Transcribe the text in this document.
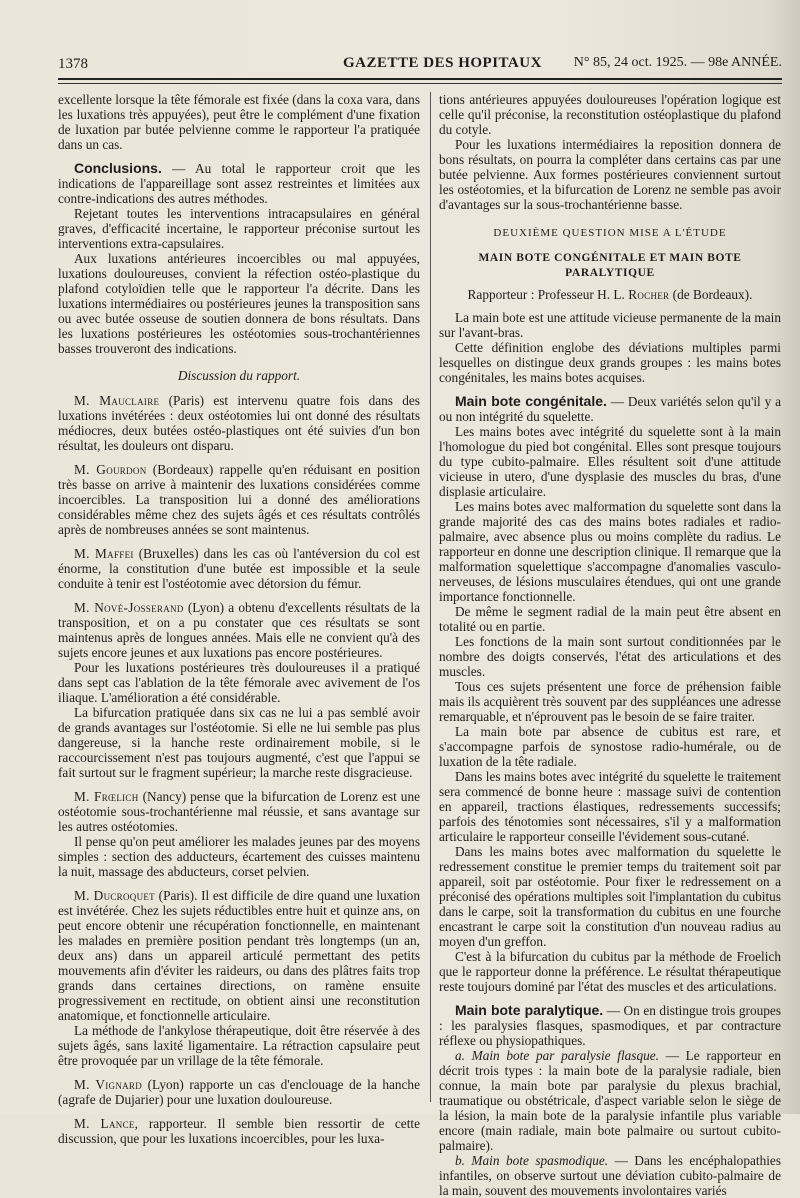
1378	GAZETTE DES HOPITAUX N° 85, 24 oct. 1925. — 98e ANNÉE.

excellente lorsque la tête fémorale est fixée (dans la coxa vara, dans les luxations très appuyées), peut être le complément d'une fixation de luxation par butée pelvienne comme le rapporteur l'a pratiquée dans un cas.

Conclusions. — Au total le rapporteur croit que les indications de l'appareillage sont assez restreintes et limitées aux contre-indications des autres méthodes.

Rejetant toutes les interventions intracapsulaires en général graves, d'efficacité incertaine, le rapporteur préconise surtout les interventions extra-capsulaires.

Aux luxations antérieures incoercibles ou mal appuyées, luxations douloureuses, convient la réfection ostéo-plastique du plafond cotyloïdien telle que le rapporteur l'a décrite. Dans les luxations intermédiaires ou postérieures jeunes la transposition sans ou avec butée osseuse de soutien donnera de bons résultats. Dans les luxations postérieures les ostéotomies sous-trochantériennes basses trouveront des indications.

Discussion du rapport.

M. Mauclaire (Paris) est intervenu quatre fois dans des luxations invétérées : deux ostéotomies lui ont donné des résultats médiocres, deux butées ostéo-plastiques ont été suivies d'un bon résultat, les douleurs ont disparu.

M. Gourdon (Bordeaux) rappelle qu'en réduisant en position très basse on arrive à maintenir des luxations considérées comme incoercibles. La transposition lui a donné des améliorations considérables même chez des sujets âgés et ces résultats contrôlés après de nombreuses années se sont maintenus.

M. Maffei (Bruxelles) dans les cas où l'antéversion du col est énorme, la constitution d'une butée est impossible et la seule conduite à tenir est l'ostéotomie avec détorsion du fémur.

M. Nové-Josserand (Lyon) a obtenu d'excellents résultats de la transposition, et on a pu constater que ces résultats se sont maintenus après de longues années. Mais elle ne convient qu'à des sujets encore jeunes et aux luxations pas encore postérieures.

Pour les luxations postérieures très douloureuses il a pratiqué dans sept cas l'ablation de la tête fémorale avec avivement de l'os iliaque. L'amélioration a été considérable.

La bifurcation pratiquée dans six cas ne lui a pas semblé avoir de grands avantages sur l'ostéotomie. Si elle ne lui semble pas plus dangereuse, si la hanche reste ordinairement mobile, si le raccourcissement n'est pas toujours augmenté, c'est que l'appui se fait surtout sur le fragment supérieur; la marche reste disgracieuse.

M. Frœlich (Nancy) pense que la bifurcation de Lorenz est une ostéotomie sous-trochantérienne mal réussie, et sans avantage sur les autres ostéotomies.

Il pense qu'on peut améliorer les malades jeunes par des moyens simples : section des adducteurs, écartement des cuisses maintenu la nuit, massage des abducteurs, corset pelvien.

M. Ducroquet (Paris). Il est difficile de dire quand une luxation est invétérée. Chez les sujets réductibles entre huit et quinze ans, on peut encore obtenir une récupération fonctionnelle, en maintenant les malades en première position pendant très longtemps (un an, deux ans) dans un appareil articulé permettant des petits mouvements afin d'éviter les raideurs, ou dans des plâtres faits trop grands dans certaines directions, on ramène ensuite progressivement en rectitude, on obtient ainsi une reconstitution anatomique, et fonctionnelle articulaire.

La méthode de l'ankylose thérapeutique, doit être réservée à des sujets âgés, sans laxité ligamentaire. La rétraction capsulaire peut être provoquée par un vrillage de la tête fémorale.

M. Vignard (Lyon) rapporte un cas d'enclouage de la hanche (agrafe de Dujarier) pour une luxation douloureuse.

M. Lance, rapporteur. Il semble bien ressortir de cette discussion, que pour les luxations incoercibles, pour les luxa-

tions antérieures appuyées douloureuses l'opération logique est celle qu'il préconise, la reconstitution ostéoplastique du plafond du cotyle.

Pour les luxations intermédiaires la reposition donnera de bons résultats, on pourra la compléter dans certains cas par une butée pelvienne. Aux formes postérieures conviennent surtout les ostéotomies, et la bifurcation de Lorenz ne semble pas avoir d'avantages sur la sous-trochantérienne basse.

DEUXIÈME QUESTION MISE A L'ÉTUDE

MAIN BOTE CONGÉNITALE ET MAIN BOTE PARALYTIQUE

Rapporteur : Professeur H. L. Rocher (de Bordeaux).

La main bote est une attitude vicieuse permanente de la main sur l'avant-bras.

Cette définition englobe des déviations multiples parmi lesquelles on distingue deux grands groupes : les mains botes congénitales, les mains botes acquises.

Main bote congénitale. — Deux variétés selon qu'il y a ou non intégrité du squelette.

Les mains botes avec intégrité du squelette sont à la main l'homologue du pied bot congénital. Elles sont presque toujours du type cubito-palmaire. Elles résultent soit d'une attitude vicieuse in utero, d'une dysplasie des muscles du bras, d'une displasie articulaire.

Les mains botes avec malformation du squelette sont dans la grande majorité des cas des mains botes radiales et radio-palmaire, avec absence plus ou moins complète du radius. Le rapporteur en donne une description clinique. Il remarque que la malformation squelettique s'accompagne d'anomalies vasculo-nerveuses, de lésions musculaires étendues, qui ont une grande importance fonctionnelle.

De même le segment radial de la main peut être absent en totalité ou en partie.

Les fonctions de la main sont surtout conditionnées par le nombre des doigts conservés, l'état des articulations et des muscles.

Tous ces sujets présentent une force de préhension faible mais ils acquièrent très souvent par des suppléances une adresse remarquable, et n'éprouvent pas le besoin de se faire traiter.

La main bote par absence de cubitus est rare, et s'accompagne parfois de synostose radio-humérale, ou de luxation de la tête radiale.

Dans les mains botes avec intégrité du squelette le traitement sera commencé de bonne heure : massage suivi de contention en appareil, tractions élastiques, redressements successifs; parfois des ténotomies sont nécessaires, s'il y a malformation articulaire le rapporteur conseille l'évidement sous-cutané.

Dans les mains botes avec malformation du squelette le redressement constitue le premier temps du traitement soit par appareil, soit par ostéotomie. Pour fixer le redressement on a préconisé des opérations multiples soit l'implantation du cubitus dans le carpe, soit la transformation du cubitus en une fourche encastrant le carpe soit la constitution d'un nouveau radius au moyen d'un greffon.

C'est à la bifurcation du cubitus par la méthode de Froelich que le rapporteur donne la préférence. Le résultat thérapeutique reste toujours dominé par l'état des muscles et des articulations.

Main bote paralytique. — On en distingue trois groupes : les paralysies flasques, spasmodiques, et par contracture réflexe ou physiopathiques.

a. Main bote par paralysie flasque. — Le rapporteur en décrit trois types : la main bote de la paralysie radiale, bien connue, la main bote par paralysie du plexus brachial, traumatique ou obstétricale, d'aspect variable selon le siège de la lésion, la main bote de la paralysie infantile plus variable encore (main radiale, main bote palmaire ou surtout cubito-palmaire).

b. Main bote spasmodique. — Dans les encéphalopathies infantiles, on observe surtout une déviation cubito-palmaire de la main, souvent des mouvements involontaires variés
